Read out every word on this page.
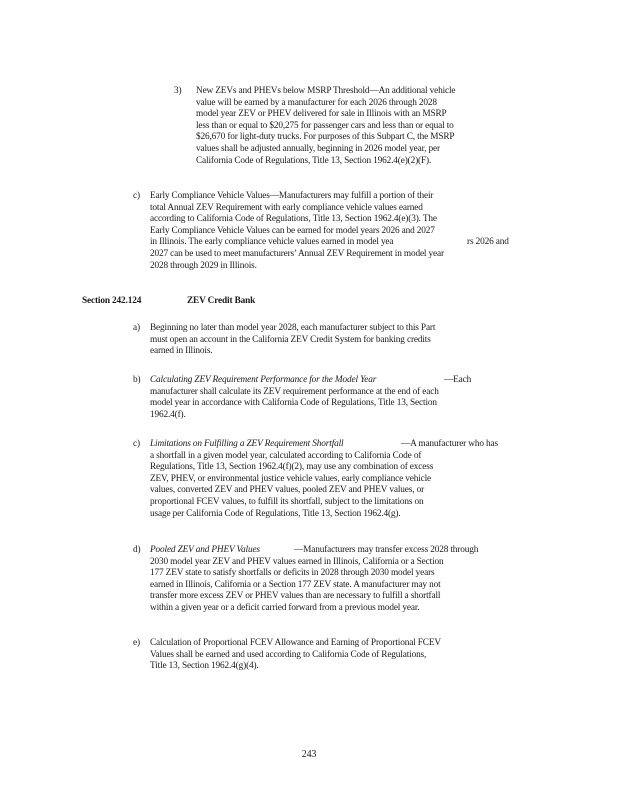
3) New ZEVs and PHEVs below MSRP Threshold—An additional vehicle
value will be earned by a manufacturer for each 2026 through 2028
model year ZEV or PHEV delivered for sale in Illinois with an MSRP
less than or equal to $20,275 for passenger cars and less than or equal to
$26,670 for light-duty trucks. For purposes of this Subpart C, the MSRP
values shall be adjusted annually, beginning in 2026 model year, per
California Code of Regulations, Title 13, Section 1962.4(e)(2)(F).
c) Early Compliance Vehicle Values—Manufacturers may fulfill a portion of their
total Annual ZEV Requirement with early compliance vehicle values earned
according to California Code of Regulations, Title 13, Section 1962.4(e)(3). The
Early Compliance Vehicle Values can be earned for model years 2026 and 2027
in Illinois. The early compliance vehicle values earned in model yea	rs 2026 and
2027 can be used to meet manufacturers’ Annual ZEV Requirement in model year
2028 through 2029 in Illinois.
Section 242.124	ZEV Credit Bank
a) Beginning no later than model year 2028, each manufacturer subject to this Part
must open an account in the California ZEV Credit System for banking credits
earned in Illinois.
b) Calculating ZEV Requirement Performance for the Model Year	—Each
manufacturer shall calculate its ZEV requirement performance at the end of each
model year in accordance with California Code of Regulations, Title 13, Section
1962.4(f).
c) Limitations on Fulfilling a ZEV Requirement Shortfall	—A manufacturer who has
a shortfall in a given model year, calculated according to California Code of
Regulations, Title 13, Section 1962.4(f)(2), may use any combination of excess
ZEV, PHEV, or environmental justice vehicle values, early compliance vehicle
values, converted ZEV and PHEV values, pooled ZEV and PHEV values, or
proportional FCEV values, to fulfill its shortfall, subject to the limitations on
usage per California Code of Regulations, Title 13, Section 1962.4(g).
d) Pooled ZEV and PHEV Values	—Manufacturers may transfer excess 2028 through
2030 model year ZEV and PHEV values earned in Illinois, California or a Section
177 ZEV state to satisfy shortfalls or deficits in 2028 through 2030 model years
earned in Illinois, California or a Section 177 ZEV state. A manufacturer may not
transfer more excess ZEV or PHEV values than are necessary to fulfill a shortfall
within a given year or a deficit carried forward from a previous model year.
e) Calculation of Proportional FCEV Allowance and Earning of Proportional FCEV
Values shall be earned and used according to California Code of Regulations,
Title 13, Section 1962.4(g)(4).
243
